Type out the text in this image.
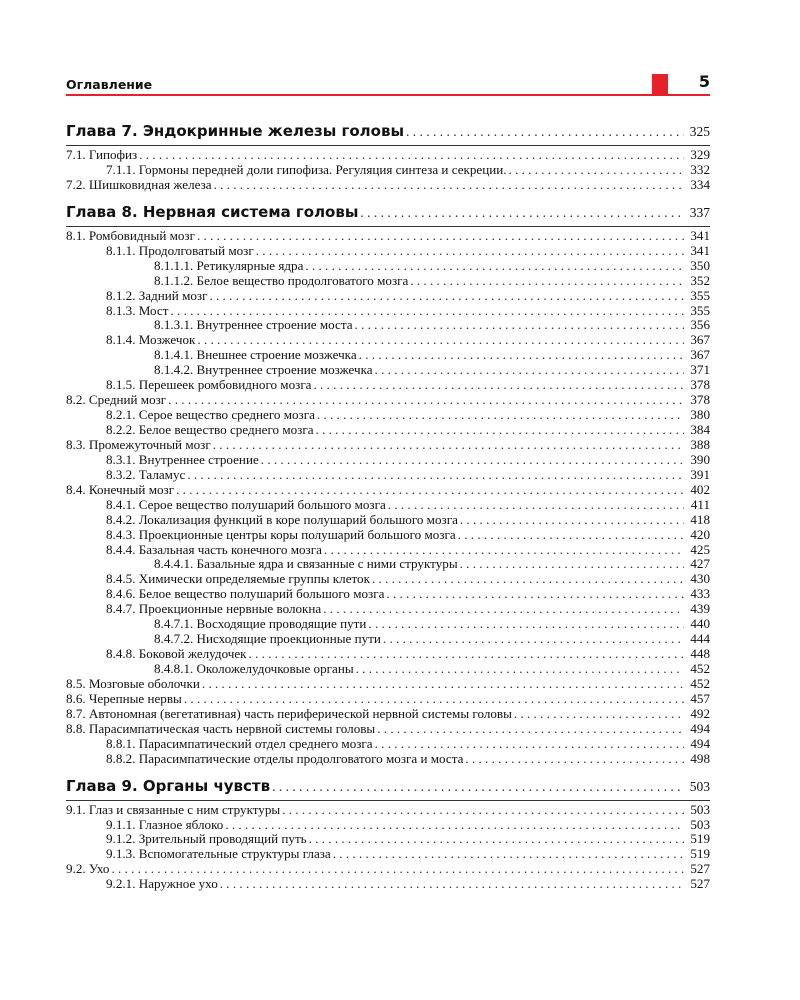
Оглавление	5
Глава 7. Эндокринные железы головы . . .	325
7.1. Гипофиз . . .	329
7.1.1. Гормоны передней доли гипофиза. Регуляция синтеза и секреции. . . .	332
7.2. Шишковидная железа . . .	334
Глава 8. Нервная система головы . . .	337
8.1. Ромбовидный мозг . . .	341
8.1.1. Продолговатый мозг . . .	341
8.1.1.1. Ретикулярные ядра . . .	350
8.1.1.2. Белое вещество продолговатого мозга . . .	352
8.1.2. Задний мозг . . .	355
8.1.3. Мост . . .	355
8.1.3.1. Внутреннее строение моста . . .	356
8.1.4. Мозжечок . . .	367
8.1.4.1. Внешнее строение мозжечка . . .	367
8.1.4.2. Внутреннее строение мозжечка . . .	371
8.1.5. Перешеек ромбовидного мозга . . .	378
8.2. Средний мозг . . .	378
8.2.1. Серое вещество среднего мозга . . .	380
8.2.2. Белое вещество среднего мозга . . .	384
8.3. Промежуточный мозг . . .	388
8.3.1. Внутреннее строение . . .	390
8.3.2. Таламус . . .	391
8.4. Конечный мозг . . .	402
8.4.1. Серое вещество полушарий большого мозга . . .	411
8.4.2. Локализация функций в коре полушарий большого мозга . . .	418
8.4.3. Проекционные центры коры полушарий большого мозга . . .	420
8.4.4. Базальная часть конечного мозга . . .	425
8.4.4.1. Базальные ядра и связанные с ними структуры . . .	427
8.4.5. Химически определяемые группы клеток . . .	430
8.4.6. Белое вещество полушарий большого мозга . . .	433
8.4.7. Проекционные нервные волокна . . .	439
8.4.7.1. Восходящие проводящие пути . . .	440
8.4.7.2. Нисходящие проекционные пути . . .	444
8.4.8. Боковой желудочек . . .	448
8.4.8.1. Околожелудочковые органы . . .	452
8.5. Мозговые оболочки . . .	452
8.6. Черепные нервы . . .	457
8.7. Автономная (вегетативная) часть периферической нервной системы головы . . .	492
8.8. Парасимпатическая часть нервной системы головы . . .	494
8.8.1. Парасимпатический отдел среднего мозга . . .	494
8.8.2. Парасимпатические отделы продолговатого мозга и моста . . .	498
Глава 9. Органы чувств . . .	503
9.1. Глаз и связанные с ним структуры . . .	503
9.1.1. Глазное яблоко . . .	503
9.1.2. Зрительный проводящий путь . . .	519
9.1.3. Вспомогательные структуры глаза . . .	519
9.2. Ухо . . .	527
9.2.1. Наружное ухо . . .	527
